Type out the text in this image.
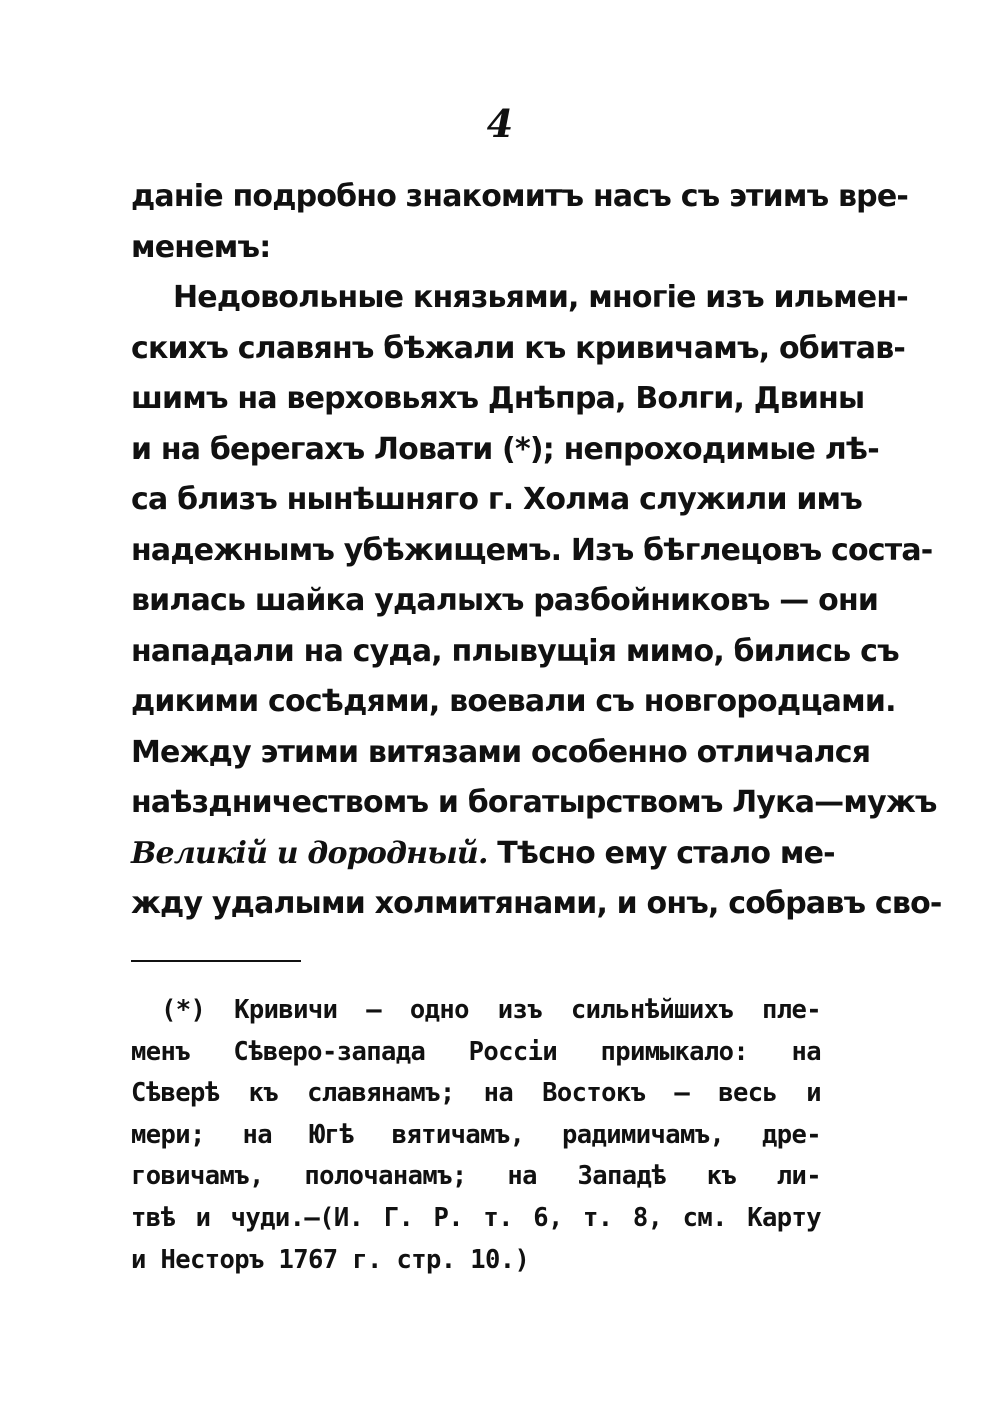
4
данiе подробно знакомитъ насъ съ этимъ вре-
менемъ:
Недовольные князьями, многiе изъ ильмен-
скихъ славянъ бѣжали къ кривичамъ, обитав-
шимъ на верховьяхъ Днѣпра, Волги, Двины
и на берегахъ Ловати (*); непроходимые лѣ-
са близъ нынѣшняго г. Холма служили имъ
надежнымъ убѣжищемъ. Изъ бѣглецовъ соста-
вилась шайка удалыхъ разбойниковъ — они
нападали на суда, плывущiя мимо, бились съ
дикими сосѣдями, воевали съ новгородцами.
Между этими витязами особенно отличался
наѣздничествомъ и богатырствомъ Лука—мужъ
Великiй и дородный. Тѣсно ему стало ме-
жду удалыми холмитянами, и онъ, собравъ сво-
(*) Кривичи — одно изъ сильнѣйшихъ пле-
менъ Сѣверо-запада Россiи примыкало: на
Сѣверѣ къ славянамъ; на Востокъ — весь и
мери; на Югѣ вятичамъ, радимичамъ, дре-
говичамъ, полочанамъ; на Западѣ къ ли-
твѣ и чуди.—(И. Г. Р. т. 6, т. 8, см. Карту
и Несторъ 1767 г. стр. 10.)
